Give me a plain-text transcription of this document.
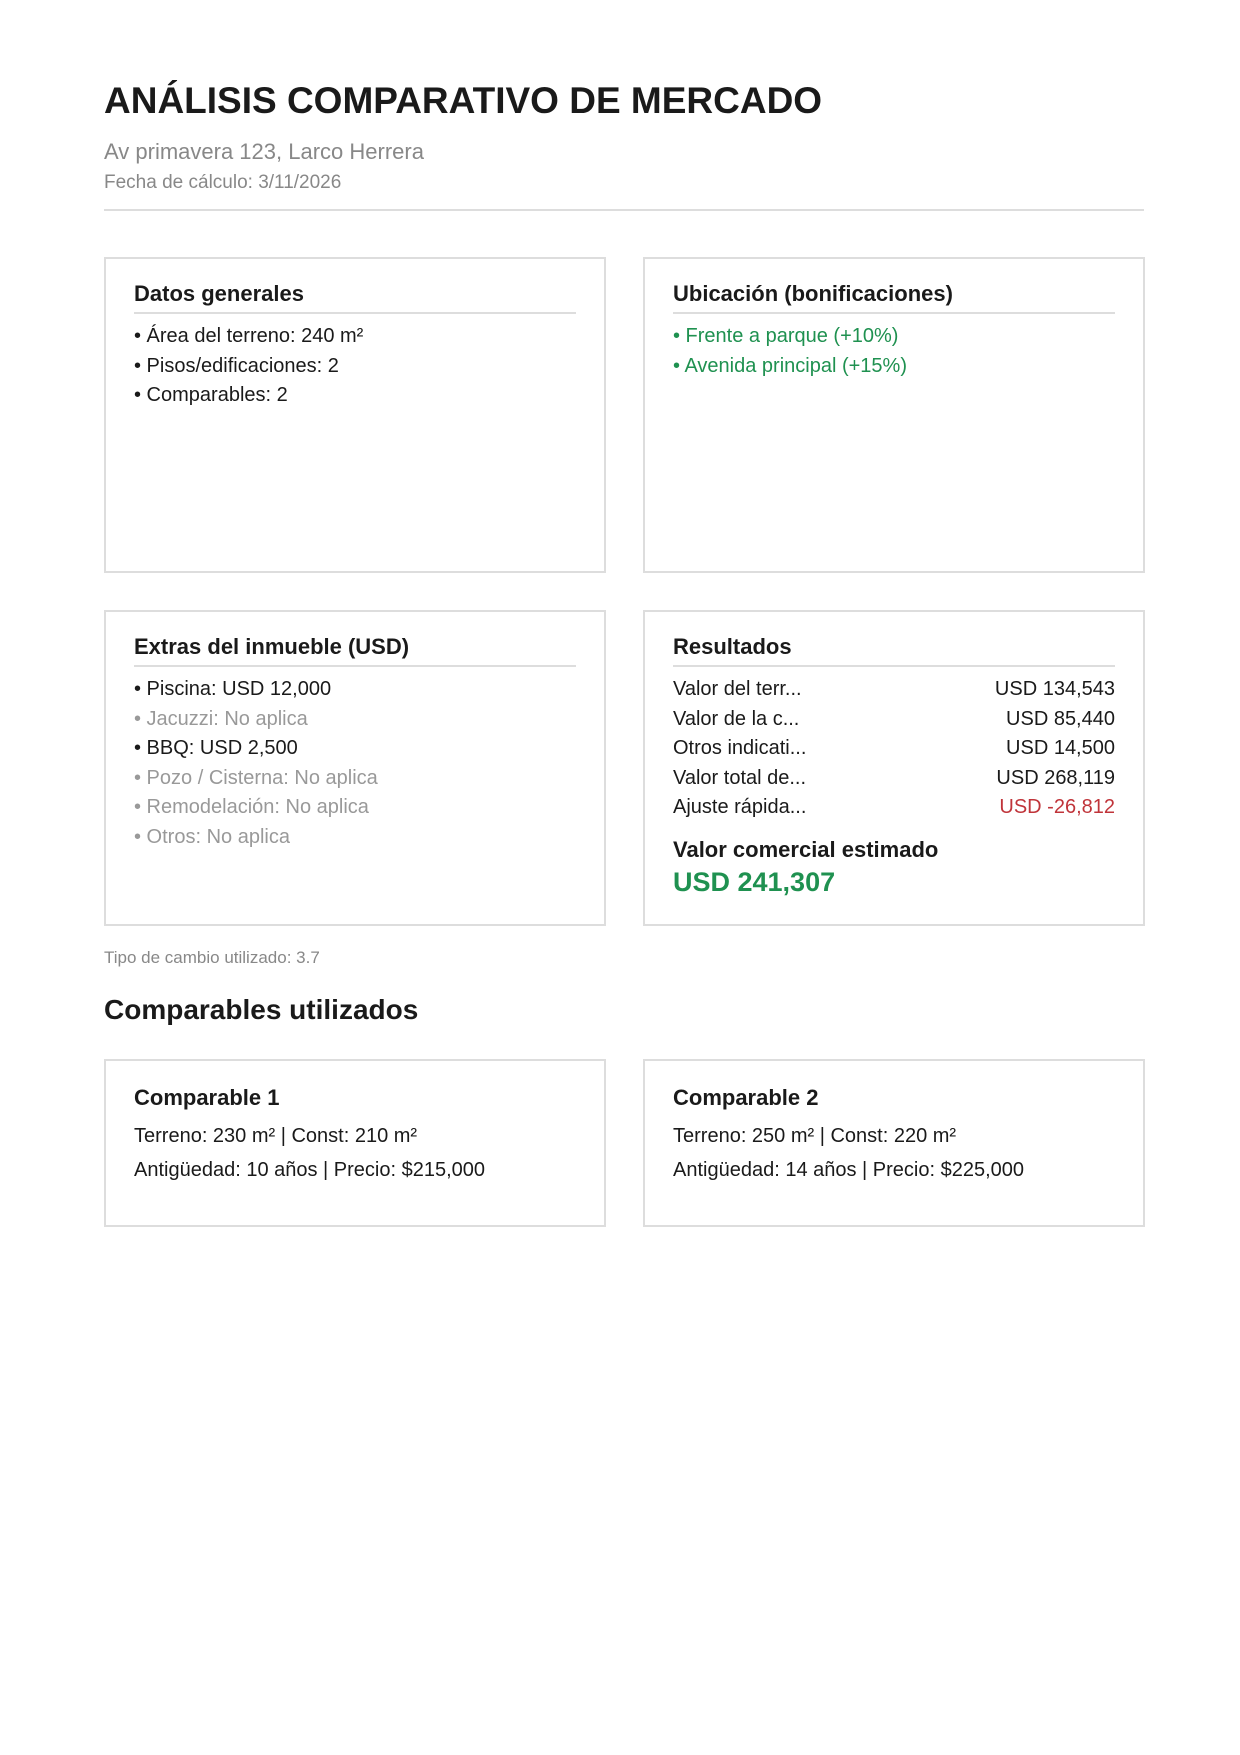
ANÁLISIS COMPARATIVO DE MERCADO
Av primavera 123, Larco Herrera
Fecha de cálculo: 3/11/2026
Datos generales
• Área del terreno: 240 m²
• Pisos/edificaciones: 2
• Comparables: 2
Ubicación (bonificaciones)
• Frente a parque (+10%)
• Avenida principal (+15%)
Extras del inmueble (USD)
• Piscina: USD 12,000
• Jacuzzi: No aplica
• BBQ: USD 2,500
• Pozo / Cisterna: No aplica
• Remodelación: No aplica
• Otros: No aplica
Resultados
Valor del terr...	USD 134,543
Valor de la c...	USD 85,440
Otros indicati...	USD 14,500
Valor total de...	USD 268,119
Ajuste rápida...	USD -26,812
Valor comercial estimado
USD 241,307
Tipo de cambio utilizado: 3.7
Comparables utilizados
Comparable 1
Terreno: 230 m² | Const: 210 m²
Antigüedad: 10 años | Precio: $215,000
Comparable 2
Terreno: 250 m² | Const: 220 m²
Antigüedad: 14 años | Precio: $225,000
